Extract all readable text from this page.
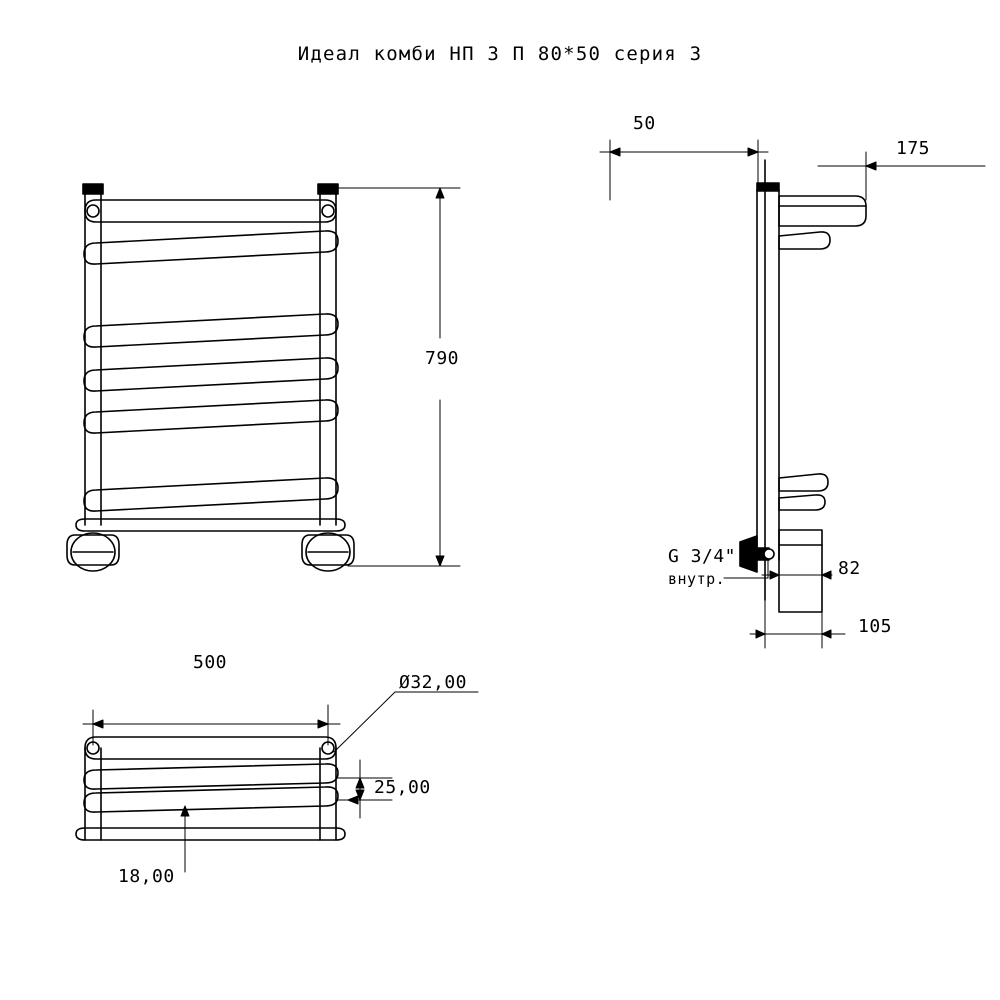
Идеал комби НП 3 П 80*50 серия 3
790
50
175
82
105
500
Ø32,00
25,00
18,00
G 3/4"
внутр.
